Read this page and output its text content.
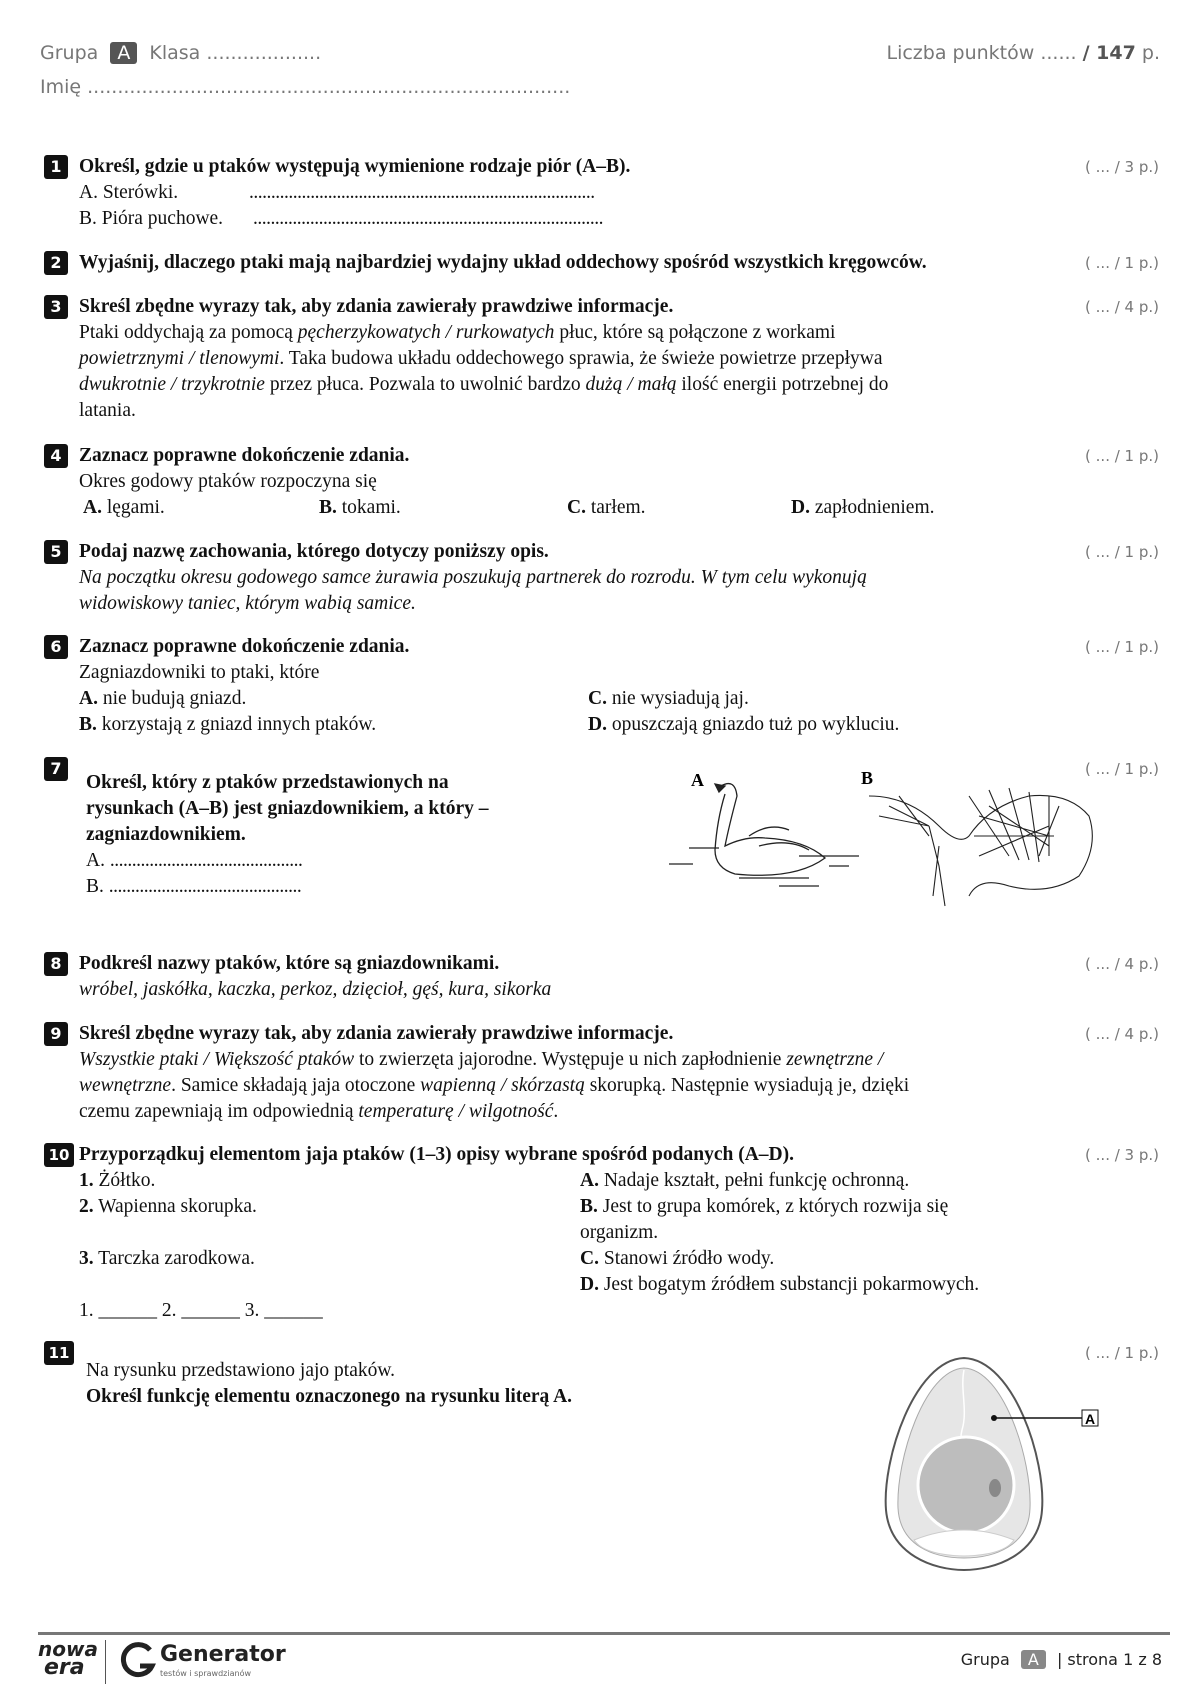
Grupa A Klasa ...................
Imię ................................................................................
Liczba punktów ...... / 147 p.
1 Określ, gdzie u ptaków występują wymienione rodzaje piór (A–B).
A. Sterówki.	...............................................................................
B. Pióra puchowe. ................................................................................
( ... / 3 p.)
2 Wyjaśnij, dlaczego ptaki mają najbardziej wydajny układ oddechowy spośród wszystkich kręgowców.	( ... / 1 p.)
3 Skreśl zbędne wyrazy tak, aby zdania zawierały prawdziwe informacje.
Ptaki oddychają za pomocą pęcherzykowatych / rurkowatych płuc, które są połączone z workami
powietrznymi / tlenowymi. Taka budowa układu oddechowego sprawia, że świeże powietrze przepływa
dwukrotnie / trzykrotnie przez płuca. Pozwala to uwolnić bardzo dużą / małą ilość energii potrzebnej do
latania.
( ... / 4 p.)
4 Zaznacz poprawne dokończenie zdania.
Okres godowy ptaków rozpoczyna się
A. lęgami.	B. tokami.	C. tarłem.	D. zapłodnieniem.
( ... / 1 p.)
5 Podaj nazwę zachowania, którego dotyczy poniższy opis.
Na początku okresu godowego samce żurawia poszukują partnerek do rozrodu. W tym celu wykonują
widowiskowy taniec, którym wabią samice.
( ... / 1 p.)
6 Zaznacz poprawne dokończenie zdania.
Zagniazdowniki to ptaki, które
A. nie budują gniazd.	C. nie wysiadują jaj.
B. korzystają z gniazd innych ptaków.	D. opuszczają gniazdo tuż po wykluciu.
( ... / 1 p.)
7
Określ, który z ptaków przedstawionych na
rysunkach (A–B) jest gniazdownikiem, a który –
zagniazdownikiem.
A. ............................................
B. ............................................
A	B	( ... / 1 p.)
8 Podkreśl nazwy ptaków, które są gniazdownikami.
wróbel, jaskółka, kaczka, perkoz, dzięcioł, gęś, kura, sikorka
( ... / 4 p.)
9 Skreśl zbędne wyrazy tak, aby zdania zawierały prawdziwe informacje.
Wszystkie ptaki / Większość ptaków to zwierzęta jajorodne. Występuje u nich zapłodnienie zewnętrzne /
wewnętrzne. Samice składają jaja otoczone wapienną / skórzastą skorupką. Następnie wysiadują je, dzięki
czemu zapewniają im odpowiednią temperaturę / wilgotność.
( ... / 4 p.)
10 Przyporządkuj elementom jaja ptaków (1–3) opisy wybrane spośród podanych (A–D).
1. Żółtko.
2. Wapienna skorupka.
3. Tarczka zarodkowa.
A. Nadaje kształt, pełni funkcję ochronną.
B. Jest to grupa komórek, z których rozwija się
organizm.
C. Stanowi źródło wody.
D. Jest bogatym źródłem substancji pokarmowych.
1. ______ 2. ______ 3. ______
( ... / 3 p.)
11
Na rysunku przedstawiono jajo ptaków.
Określ funkcję elementu oznaczonego na rysunku literą A.
A
( ... / 1 p.)
nowa
era
Generator
testów i sprawdzianów
Grupa A | strona 1 z 8
